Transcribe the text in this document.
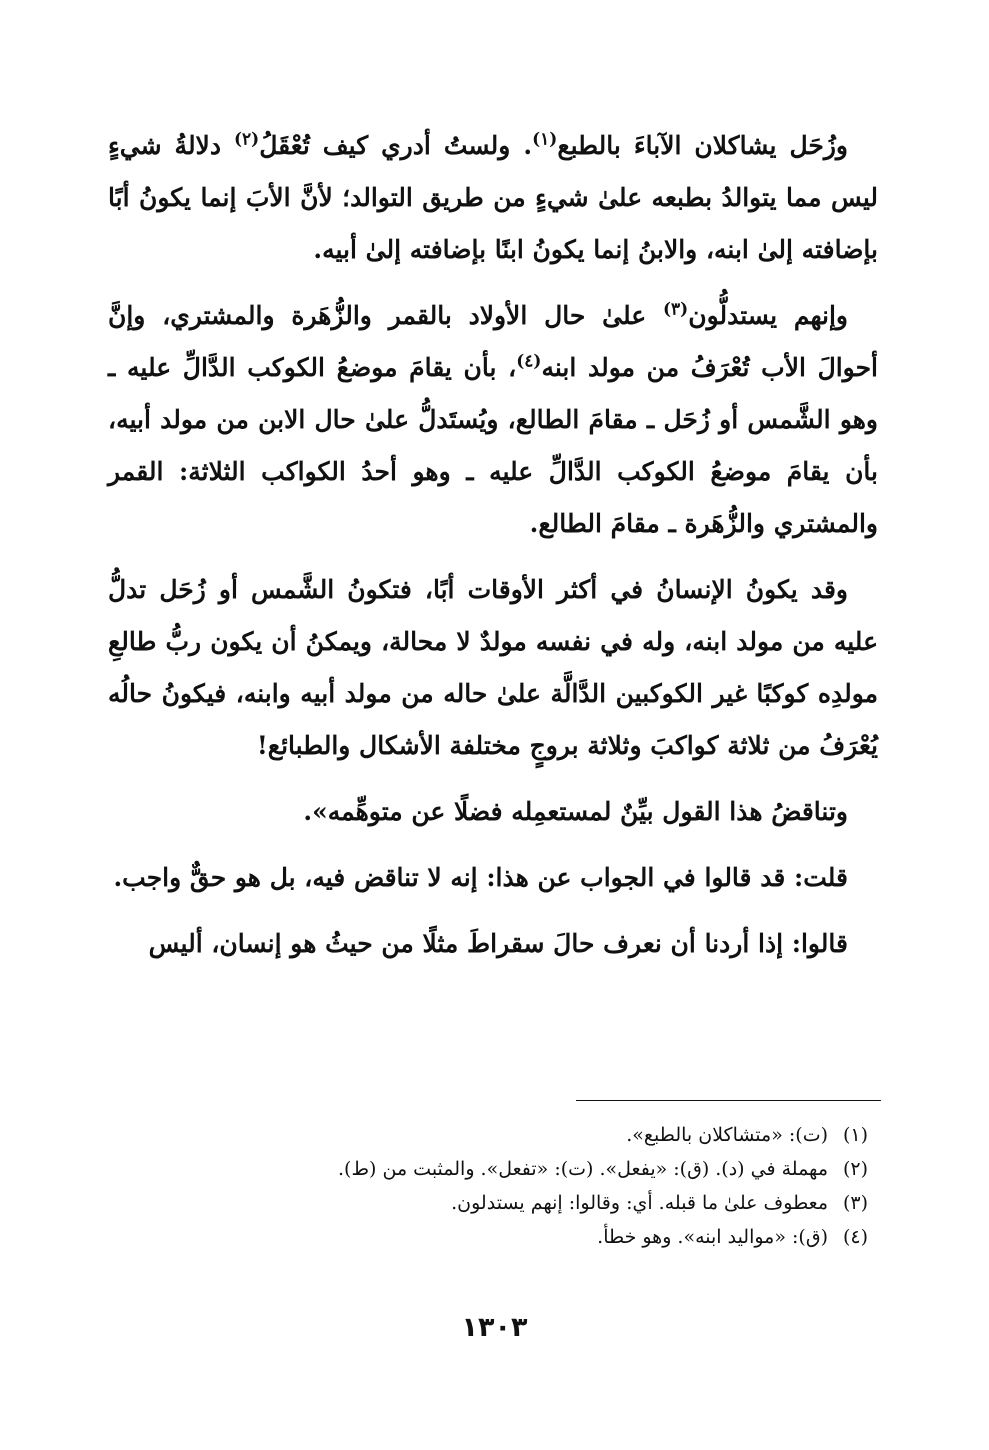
وزُحَل يشاكلان الآباءَ بالطبع$^{(١)}$. ولستُ أدري كيف تُعْقَلُ$^{(٢)}$ دلالةُ شيءٍ ليس مما يتوالدُ بطبعه علىٰ شيءٍ من طريق التوالد؛ لأنَّ الأبَ إنما يكونُ أبًا بإضافته إلىٰ ابنه، والابنُ إنما يكونُ ابنًا بإضافته إلىٰ أبيه.

وإنهم يستدلُّون$^{(٣)}$ علىٰ حال الأولاد بالقمر والزُّهَرة والمشتري، وإنَّ أحوالَ الأب تُعْرَفُ من مولد ابنه$^{(٤)}$، بأن يقامَ موضعُ الكوكب الدَّالِّ عليه ـ وهو الشَّمس أو زُحَل ـ مقامَ الطالع، ويُستَدلُّ علىٰ حال الابن من مولد أبيه، بأن يقامَ موضعُ الكوكب الدَّالِّ عليه ـ وهو أحدُ الكواكب الثلاثة: القمر والمشتري والزُّهَرة ـ مقامَ الطالع.

وقد يكونُ الإنسانُ في أكثر الأوقات أبًا، فتكونُ الشَّمس أو زُحَل تدلُّ عليه من مولد ابنه، وله في نفسه مولدٌ لا محالة، ويمكنُ أن يكون ربُّ طالعِ مولدِه كوكبًا غير الكوكبين الدَّالَّة علىٰ حاله من مولد أبيه وابنه، فيكونُ حالُه يُعْرَفُ من ثلاثة كواكبَ وثلاثة بروجٍ مختلفة الأشكال والطبائع!

وتناقضُ هذا القول بيِّنٌ لمستعمِله فضلًا عن متوهِّمه».

قلت: قد قالوا في الجواب عن هذا: إنه لا تناقض فيه، بل هو حقٌّ واجب.

قالوا: إذا أردنا أن نعرف حالَ سقراطَ مثلًا من حيثُ هو إنسان، أليس

(١)(ت): «متشاكلان بالطبع».

(٢)مهملة في (د). (ق): «يفعل». (ت): «تفعل». والمثبت من (ط).

(٣)معطوف علىٰ ما قبله. أي: وقالوا: إنهم يستدلون.

(٤)(ق): «مواليد ابنه». وهو خطأ.

١٣٠٣
